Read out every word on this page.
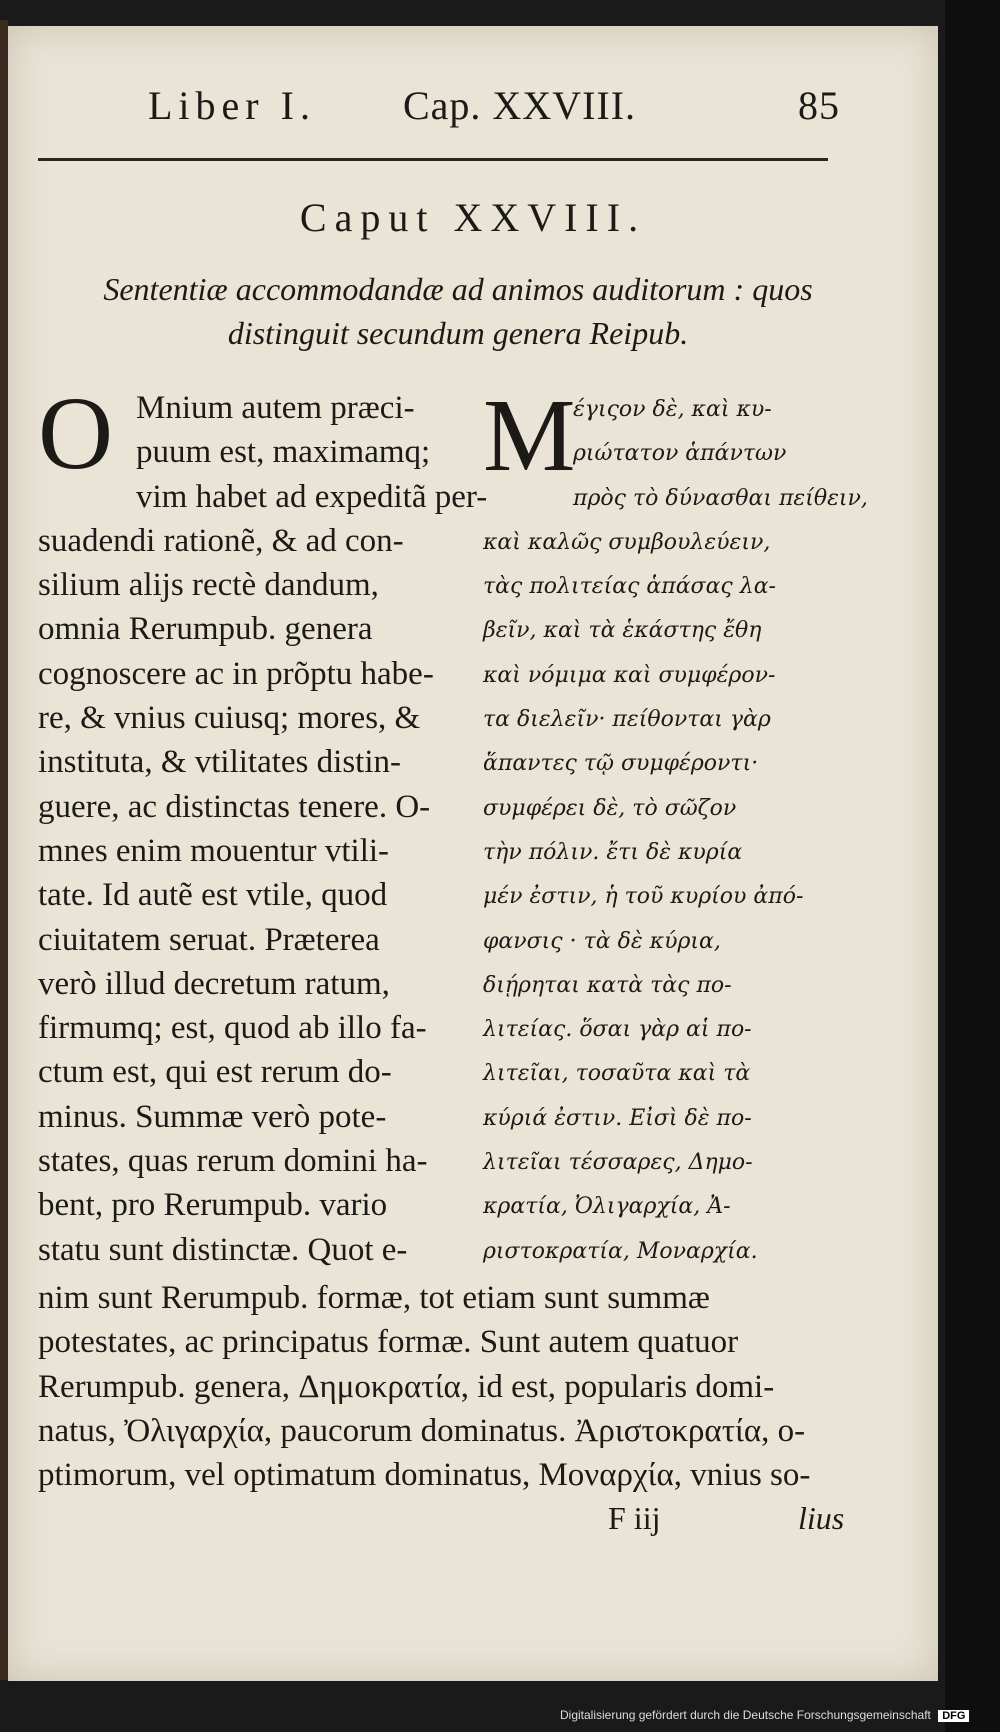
Liber I. Cap. XXVIII.	85
Caput XXVIII.
Sententiæ accommodandæ ad animos auditorum : quos
distinguit secundum genera Reipub.
O Mnium autem præci-
puum est, maximamq;
vim habet ad expeditã per-
suadendi rationẽ, & ad con-
silium alijs rectè dandum,
omnia Rerumpub. genera
cognoscere ac in prõptu habe-
re, & vnius cuiusq; mores, &
instituta, & vtilitates distin-
guere, ac distinctas tenere. O-
mnes enim mouentur vtili-
tate. Id autẽ est vtile, quod
ciuitatem seruat. Præterea
verò illud decretum ratum,
firmumq; est, quod ab illo fa-
ctum est, qui est rerum do-
minus. Summæ verò pote-
states, quas rerum domini ha-
bent, pro Rerumpub. vario
statu sunt distinctæ. Quot e-
M
έγιςον δὲ, καὶ κυ-
ριώτατον ἁπάντων
πρὸς τὸ δύνασθαι πείθειν,
καὶ καλῶς συμβουλεύειν,
τὰς πολιτείας ἁπάσας λα-
βεῖν, καὶ τὰ ἑκάστης ἔθη
καὶ νόμιμα καὶ συμφέρον-
τα διελεῖν· πείθονται γὰρ
ἅπαντες τῷ συμφέροντι·
συμφέρει δὲ, τὸ σῶζον
τὴν πόλιν. ἔτι δὲ κυρία
μέν ἐστιν, ἡ τοῦ κυρίου ἀπό-
φανσις · τὰ δὲ κύρια,
διῄρηται κατὰ τὰς πο-
λιτείας. ὅσαι γὰρ αἱ πο-
λιτεῖαι, τοσαῦτα καὶ τὰ
κύριά ἐστιν. Εἰσὶ δὲ πο-
λιτεῖαι τέσσαρες, Δημο-
κρατία, Ὀλιγαρχία, Ἀ-
ριστοκρατία, Μοναρχία.
nim sunt Rerumpub. formæ, tot etiam sunt summæ
potestates, ac principatus formæ. Sunt autem quatuor
Rerumpub. genera, Δημοκρατία, id est, popularis domi-
natus, Ὀλιγαρχία, paucorum dominatus. Ἀριστοκρατία, o-
ptimorum, vel optimatum dominatus, Μοναρχία, vnius so-
F iij	lius
Digitalisierung gefördert durch die Deutsche Forschungsgemeinschaft DFG
